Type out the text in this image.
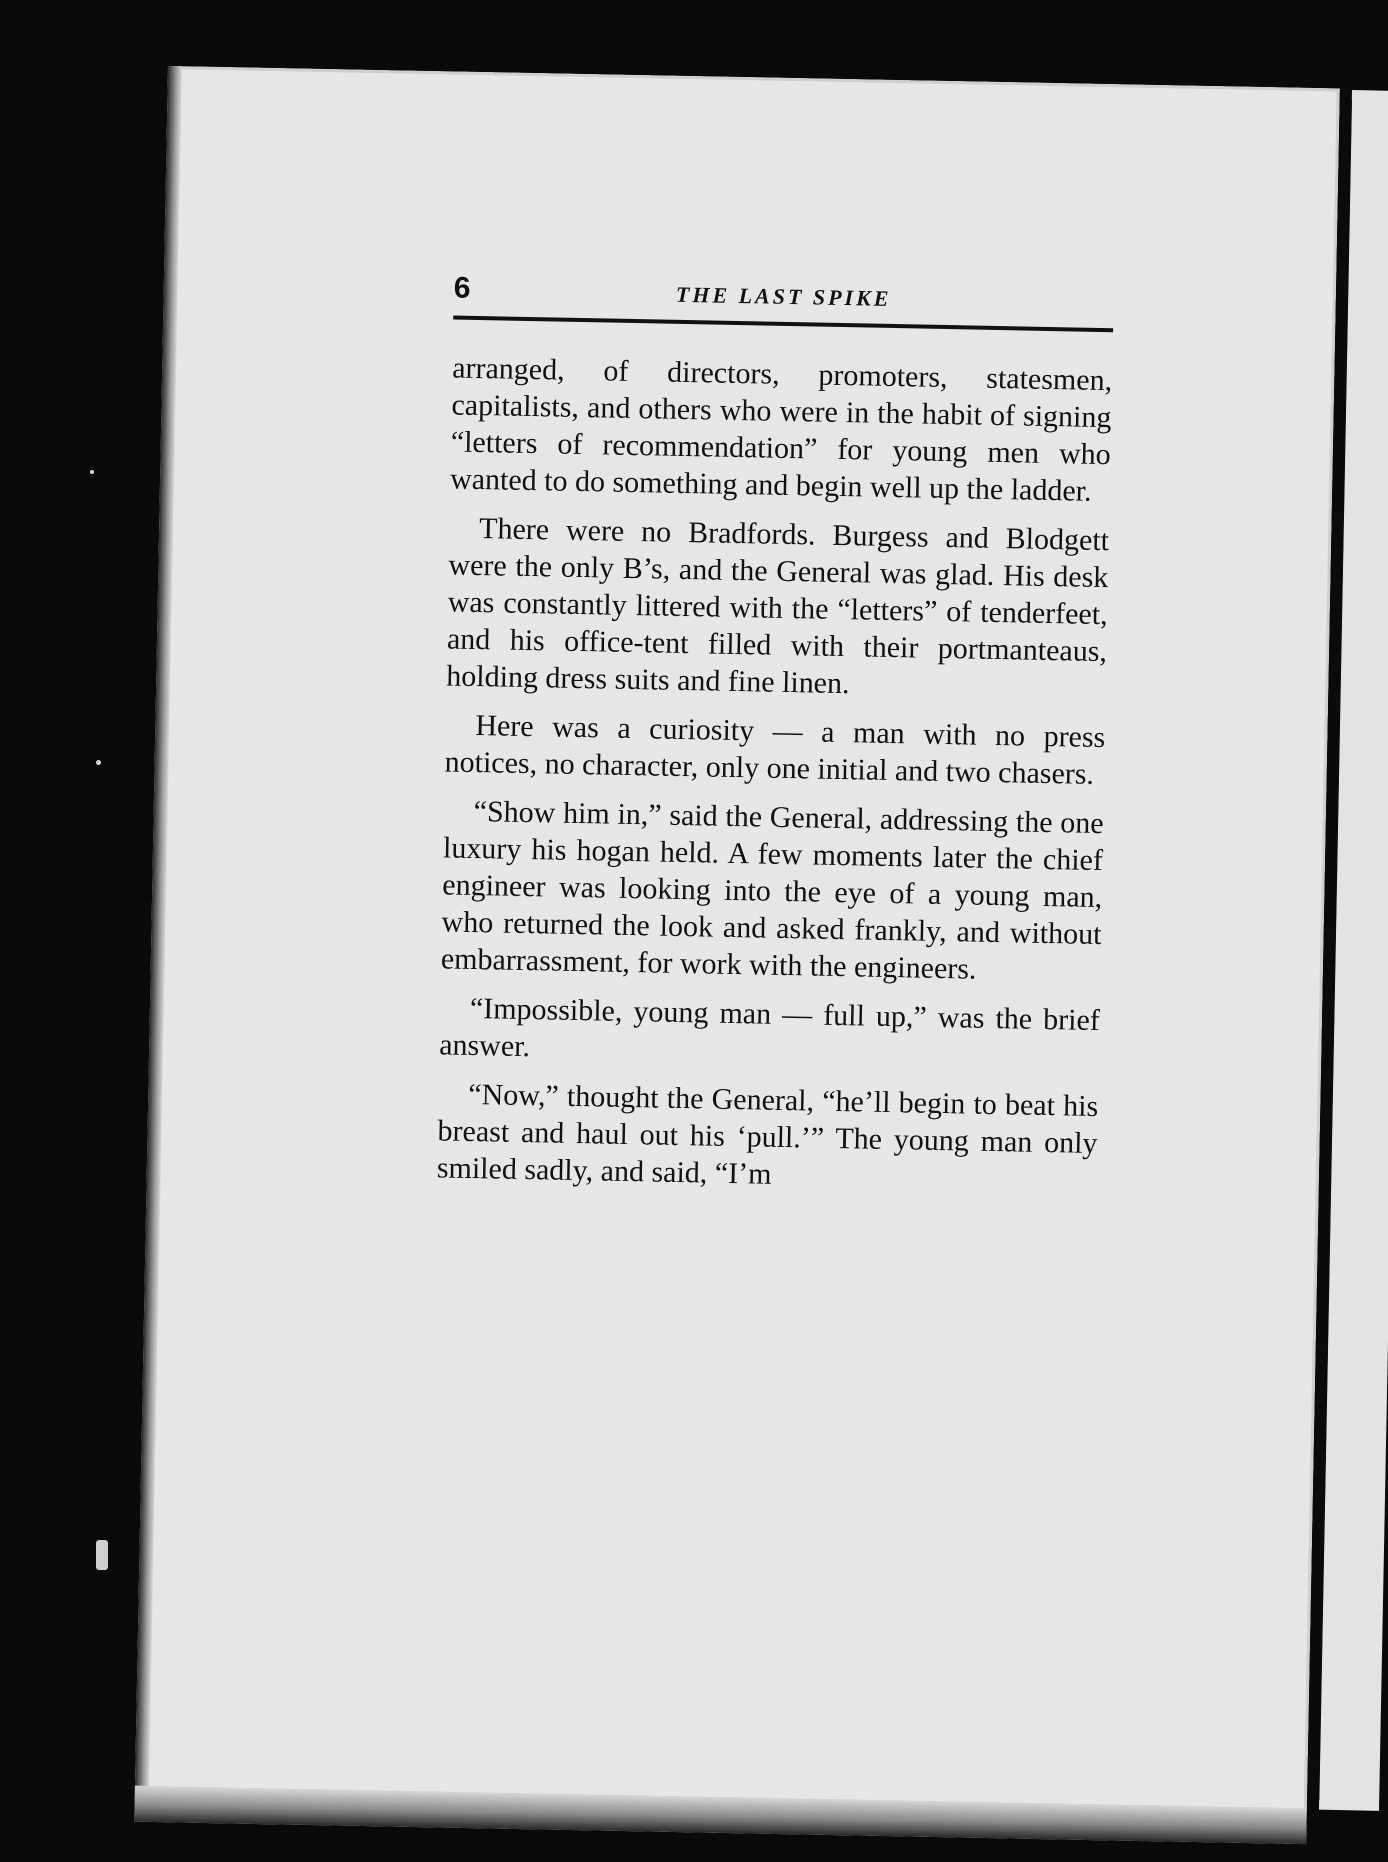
6	THE LAST SPIKE

arranged, of directors, promoters, statesmen, capitalists, and others who were in the habit of signing “letters of recommendation” for young men who wanted to do something and begin well up the ladder.

There were no Bradfords. Burgess and Blodgett were the only B’s, and the General was glad. His desk was constantly littered with the “letters” of tenderfeet, and his office-tent filled with their portmanteaus, holding dress suits and fine linen.

Here was a curiosity — a man with no press notices, no character, only one initial and two chasers.

“Show him in,” said the General, addressing the one luxury his hogan held. A few moments later the chief engineer was looking into the eye of a young man, who returned the look and asked frankly, and without embarrassment, for work with the engineers.

“Impossible, young man — full up,” was the brief answer.

“Now,” thought the General, “he’ll begin to beat his breast and haul out his ‘pull.’” The young man only smiled sadly, and said, “I’m
